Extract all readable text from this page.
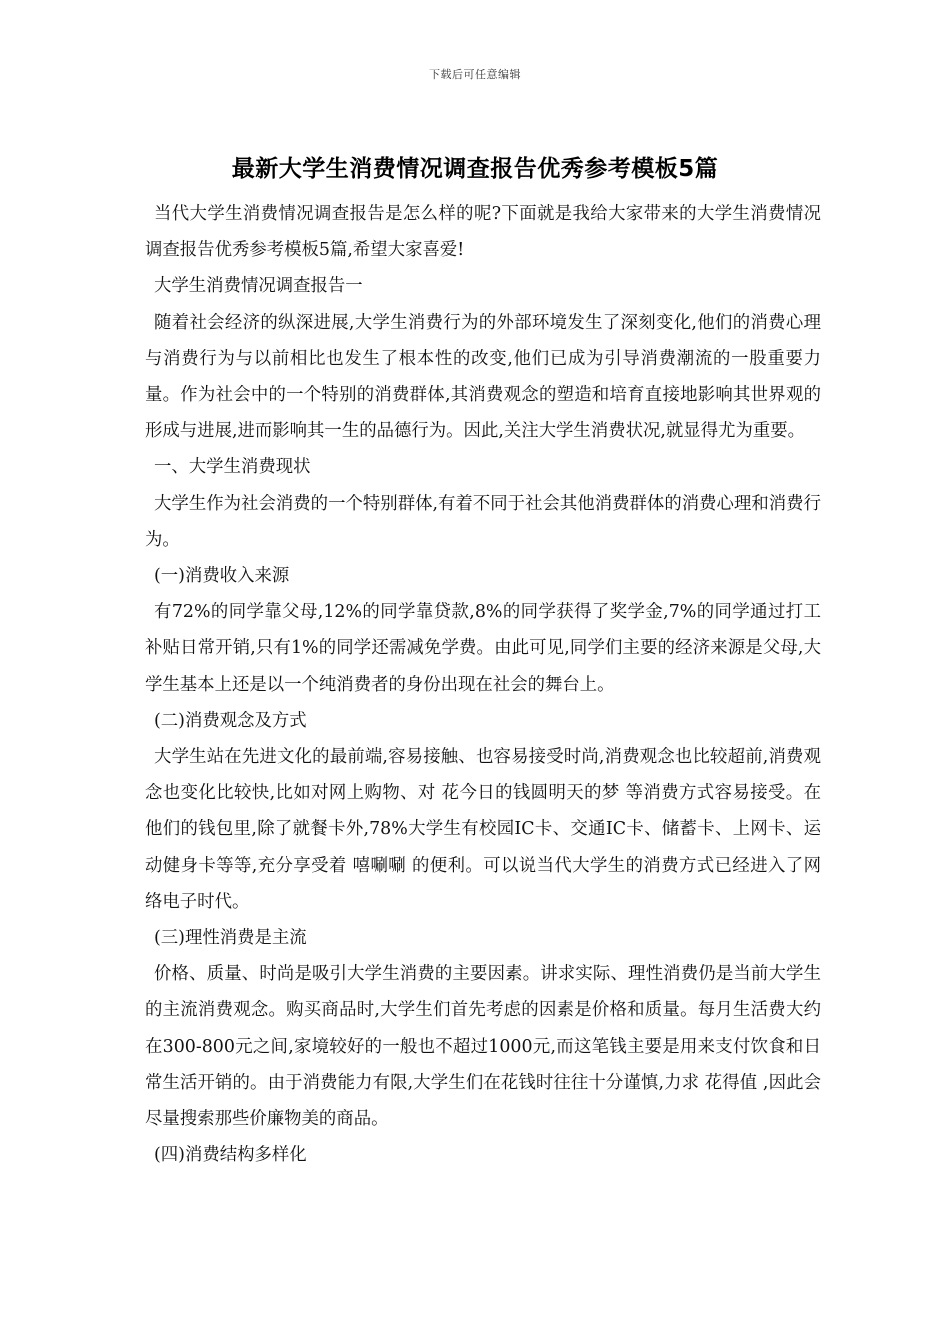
下载后可任意编辑
最新大学生消费情况调查报告优秀参考模板5篇

当代大学生消费情况调查报告是怎么样的呢?下面就是我给大家带来的大学生消费情况调查报告优秀参考模板5篇,希望大家喜爱!

大学生消费情况调查报告一

随着社会经济的纵深进展,大学生消费行为的外部环境发生了深刻变化,他们的消费心理与消费行为与以前相比也发生了根本性的改变,他们已成为引导消费潮流的一股重要力量。作为社会中的一个特别的消费群体,其消费观念的塑造和培育直接地影响其世界观的形成与进展,进而影响其一生的品德行为。因此,关注大学生消费状况,就显得尤为重要。

一、大学生消费现状

大学生作为社会消费的一个特别群体,有着不同于社会其他消费群体的消费心理和消费行为。

(一)消费收入来源

有72%的同学靠父母,12%的同学靠贷款,8%的同学获得了奖学金,7%的同学通过打工补贴日常开销,只有1%的同学还需减免学费。由此可见,同学们主要的经济来源是父母,大学生基本上还是以一个纯消费者的身份出现在社会的舞台上。

(二)消费观念及方式

大学生站在先进文化的最前端,容易接触、也容易接受时尚,消费观念也比较超前,消费观念也变化比较快,比如对网上购物、对 花今日的钱圆明天的梦 等消费方式容易接受。在他们的钱包里,除了就餐卡外,78%大学生有校园IC卡、交通IC卡、储蓄卡、上网卡、运动健身卡等等,充分享受着 嘻唰唰 的便利。可以说当代大学生的消费方式已经进入了网络电子时代。

(三)理性消费是主流

价格、质量、时尚是吸引大学生消费的主要因素。讲求实际、理性消费仍是当前大学生的主流消费观念。购买商品时,大学生们首先考虑的因素是价格和质量。每月生活费大约在300-800元之间,家境较好的一般也不超过1000元,而这笔钱主要是用来支付饮食和日常生活开销的。由于消费能力有限,大学生们在花钱时往往十分谨慎,力求 花得值 ,因此会尽量搜索那些价廉物美的商品。

(四)消费结构多样化
